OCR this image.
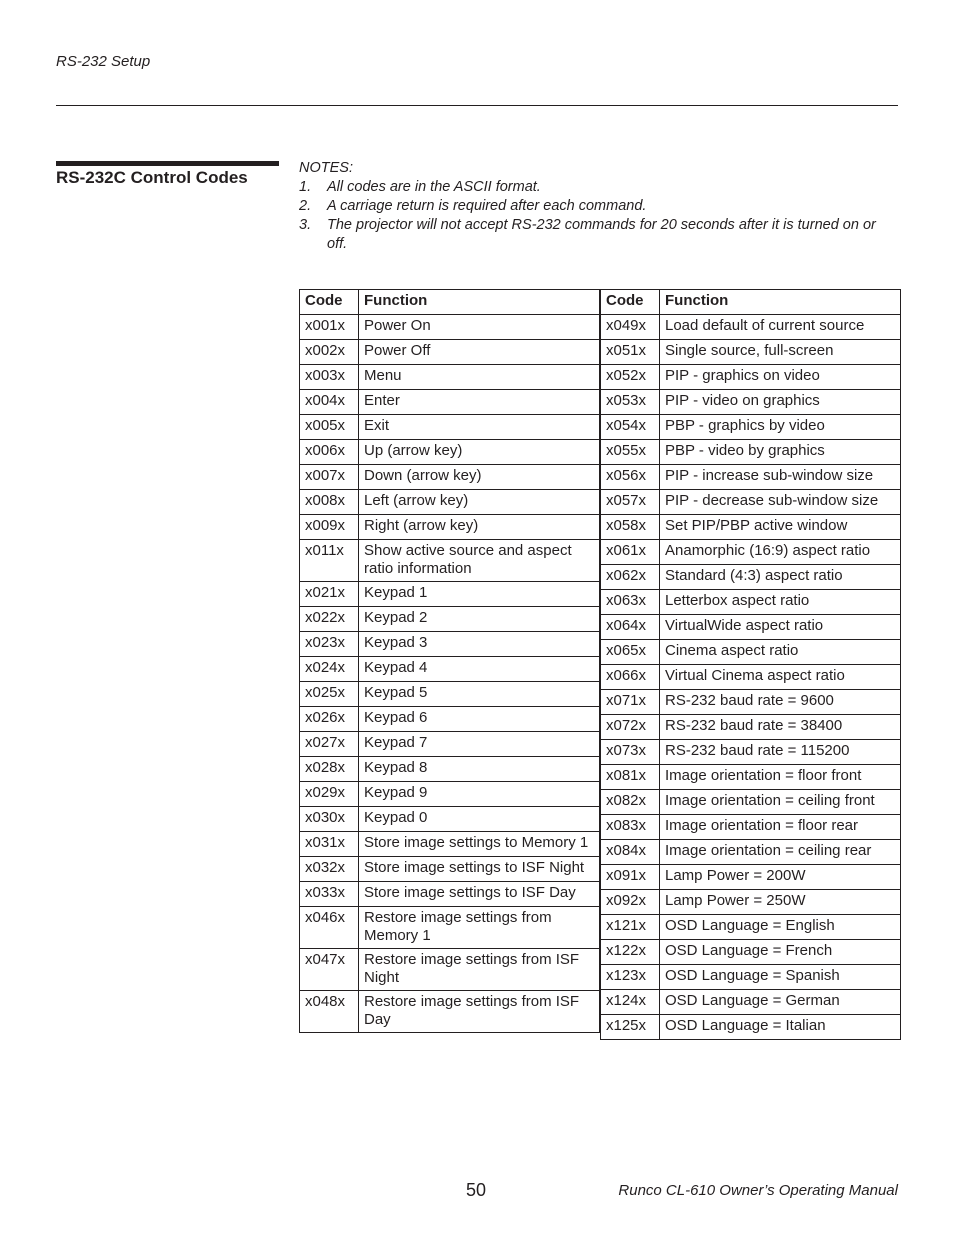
RS-232 Setup
RS-232C Control Codes	NOTES:
1. All codes are in the ASCII format.
2. A carriage return is required after each command.
3. The projector will not accept RS-232 commands for 20 seconds after it is turned on or off.
Code	Function
x001x	Power On
x002x	Power Off
x003x	Menu
x004x	Enter
x005x	Exit
x006x	Up (arrow key)
x007x	Down (arrow key)
x008x	Left (arrow key)
x009x	Right (arrow key)
x011x	Show active source and aspect ratio information
x021x	Keypad 1
x022x	Keypad 2
x023x	Keypad 3
x024x	Keypad 4
x025x	Keypad 5
x026x	Keypad 6
x027x	Keypad 7
x028x	Keypad 8
x029x	Keypad 9
x030x	Keypad 0
x031x	Store image settings to Memory 1
x032x	Store image settings to ISF Night
x033x	Store image settings to ISF Day
x046x	Restore image settings from Memory 1
x047x	Restore image settings from ISF Night
x048x	Restore image settings from ISF Day
Code	Function
x049x	Load default of current source
x051x	Single source, full-screen
x052x	PIP - graphics on video
x053x	PIP - video on graphics
x054x	PBP - graphics by video
x055x	PBP - video by graphics
x056x	PIP - increase sub-window size
x057x	PIP - decrease sub-window size
x058x	Set PIP/PBP active window
x061x	Anamorphic (16:9) aspect ratio
x062x	Standard (4:3) aspect ratio
x063x	Letterbox aspect ratio
x064x	VirtualWide aspect ratio
x065x	Cinema aspect ratio
x066x	Virtual Cinema aspect ratio
x071x	RS-232 baud rate = 9600
x072x	RS-232 baud rate = 38400
x073x	RS-232 baud rate = 115200
x081x	Image orientation = floor front
x082x	Image orientation = ceiling front
x083x	Image orientation = floor rear
x084x	Image orientation = ceiling rear
x091x	Lamp Power = 200W
x092x	Lamp Power = 250W
x121x	OSD Language = English
x122x	OSD Language = French
x123x	OSD Language = Spanish
x124x	OSD Language = German
x125x	OSD Language = Italian
50	Runco CL-610 Owner’s Operating Manual
